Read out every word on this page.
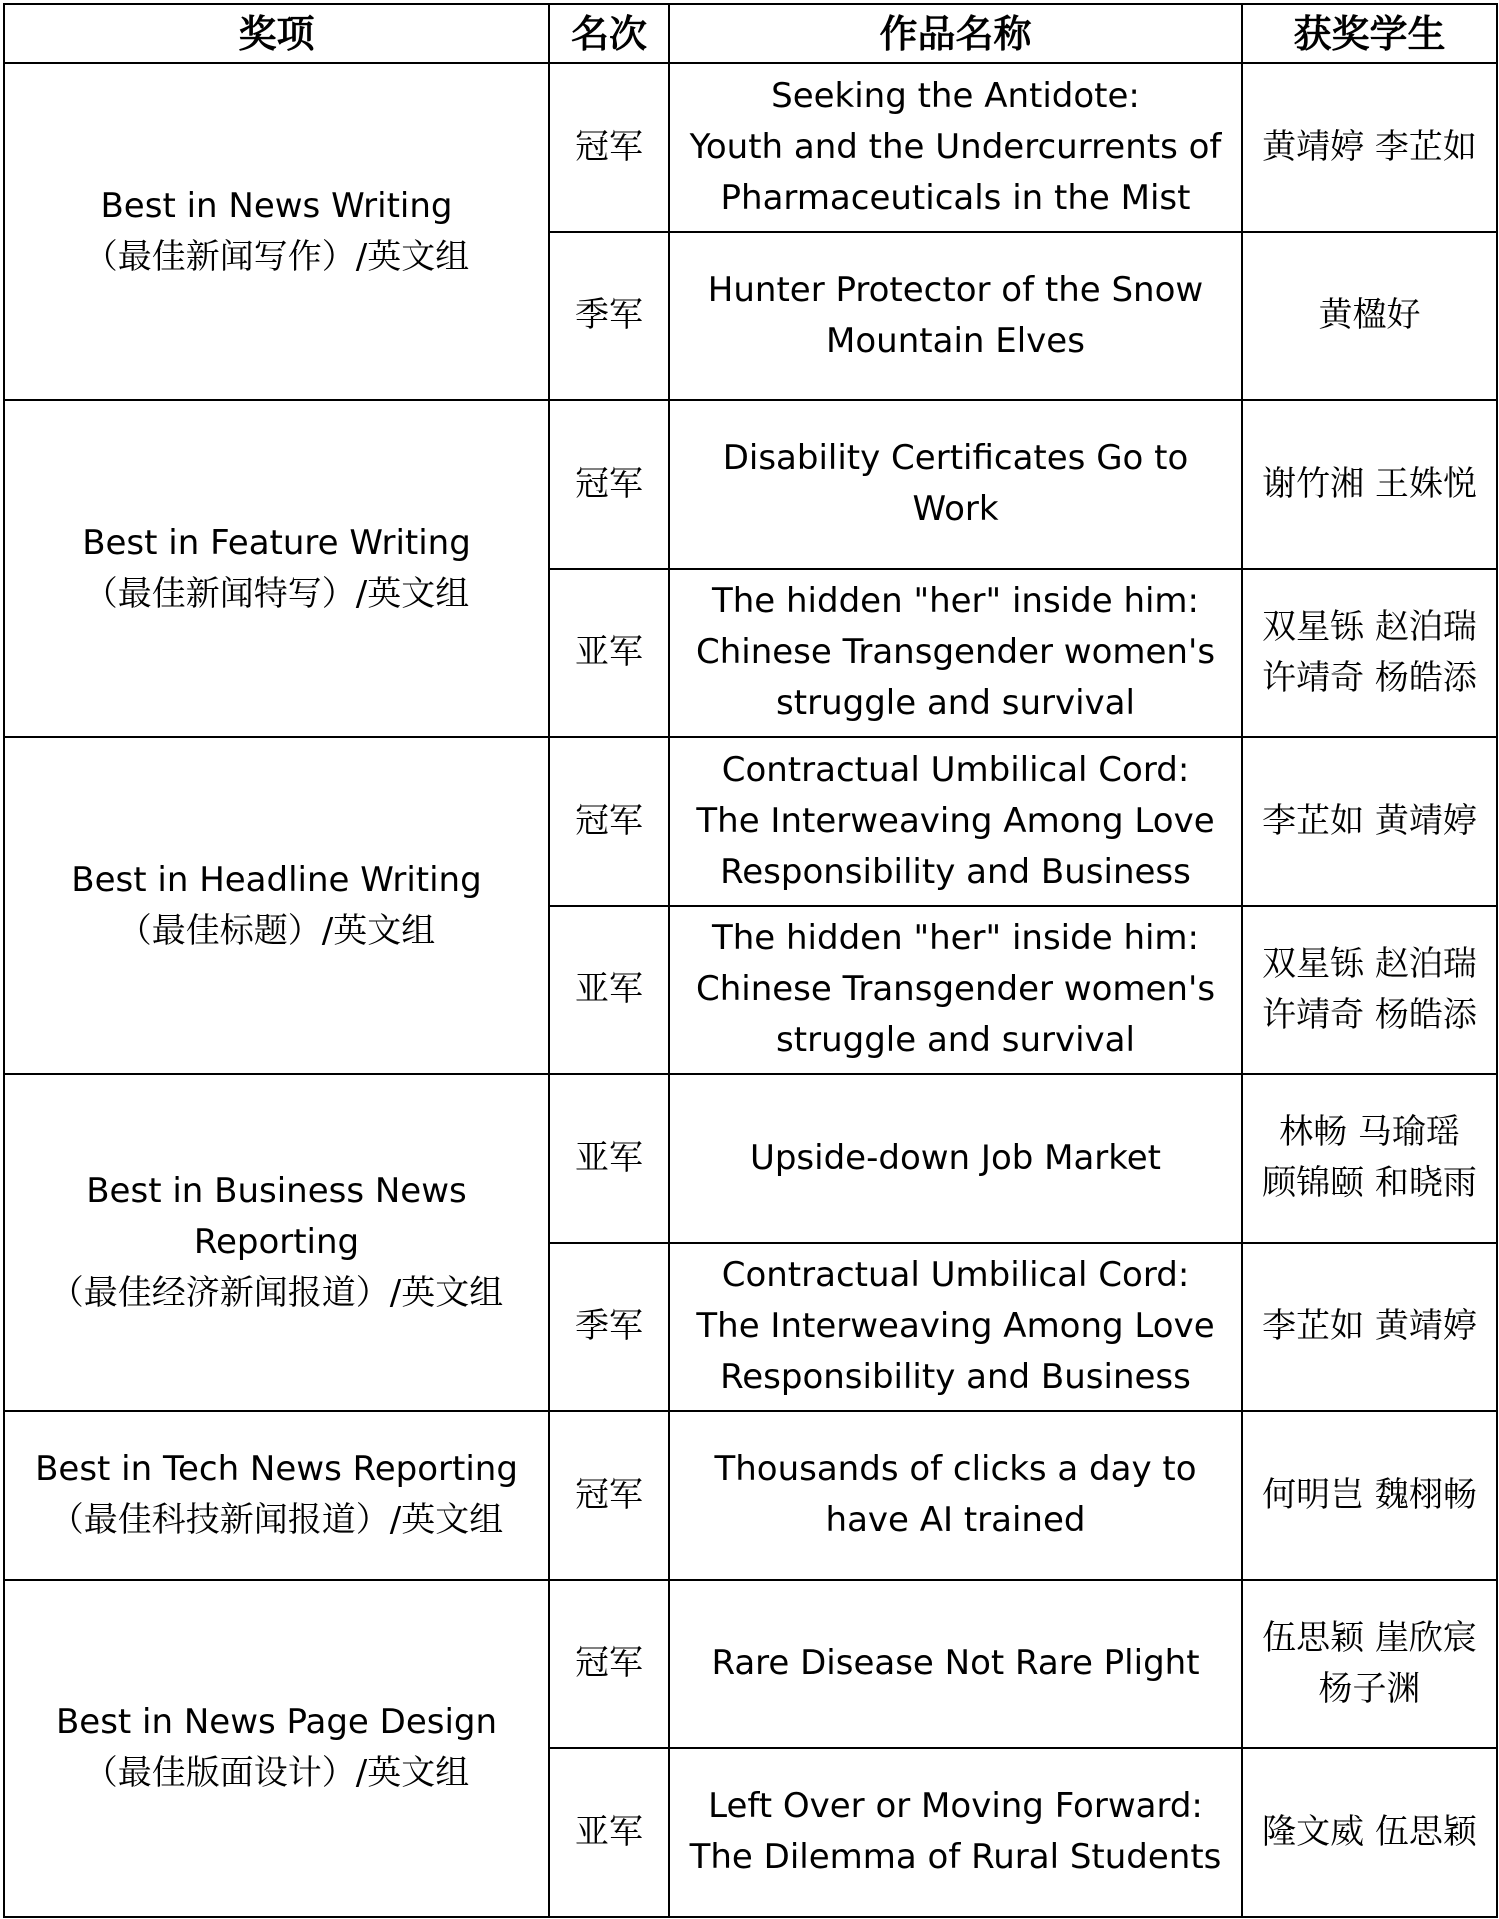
奖项	名次	作品名称	获奖学生

Best in News Writing
（最佳新闻写作）/英文组	冠军	Seeking the Antidote:
Youth and the Undercurrents of
Pharmaceuticals in the Mist	黄靖婷 李芷如

	季军	Hunter Protector of the Snow
Mountain Elves	黄楹好

Best in Feature Writing
（最佳新闻特写）/英文组	冠军	Disability Certificates Go to
Work	谢竹湘 王姝悦

	亚军	The hidden "her" inside him:
Chinese Transgender women's
struggle and survival	双星铄 赵泊瑞
许靖奇 杨皓添

Best in Headline Writing
（最佳标题）/英文组	冠军	Contractual Umbilical Cord:
The Interweaving Among Love
Responsibility and Business	李芷如 黄靖婷

	亚军	The hidden "her" inside him:
Chinese Transgender women's
struggle and survival	双星铄 赵泊瑞
许靖奇 杨皓添

Best in Business News
Reporting
（最佳经济新闻报道）/英文组	亚军	Upside-down Job Market	林畅 马瑜瑶
顾锦颐 和晓雨

	季军	Contractual Umbilical Cord:
The Interweaving Among Love
Responsibility and Business	李芷如 黄靖婷

Best in Tech News Reporting
（最佳科技新闻报道）/英文组	冠军	Thousands of clicks a day to
have AI trained	何明岂 魏栩畅

Best in News Page Design
（最佳版面设计）/英文组	冠军	Rare Disease Not Rare Plight	伍思颖 崖欣宸
杨子渊

	亚军	Left Over or Moving Forward:
The Dilemma of Rural Students	隆文威 伍思颖
